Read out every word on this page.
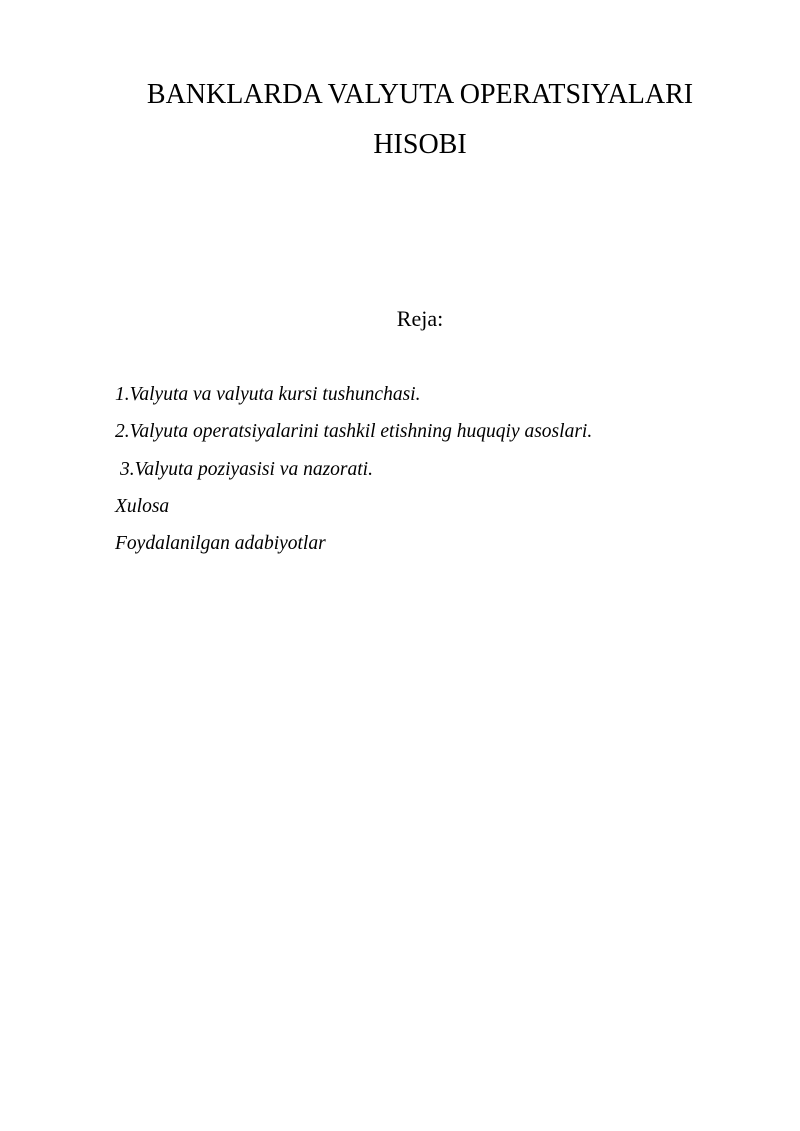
BANKLARDA VALYUTA OPERATSIYALARI
HISOBI
Reja:
1.Valyuta va valyuta kursi tushunchasi.
2.Valyuta operatsiyalarini tashkil etishning huquqiy asoslari.
3.Valyuta poziyasisi va nazorati.
Xulosa
Foydalanilgan adabiyotlar
